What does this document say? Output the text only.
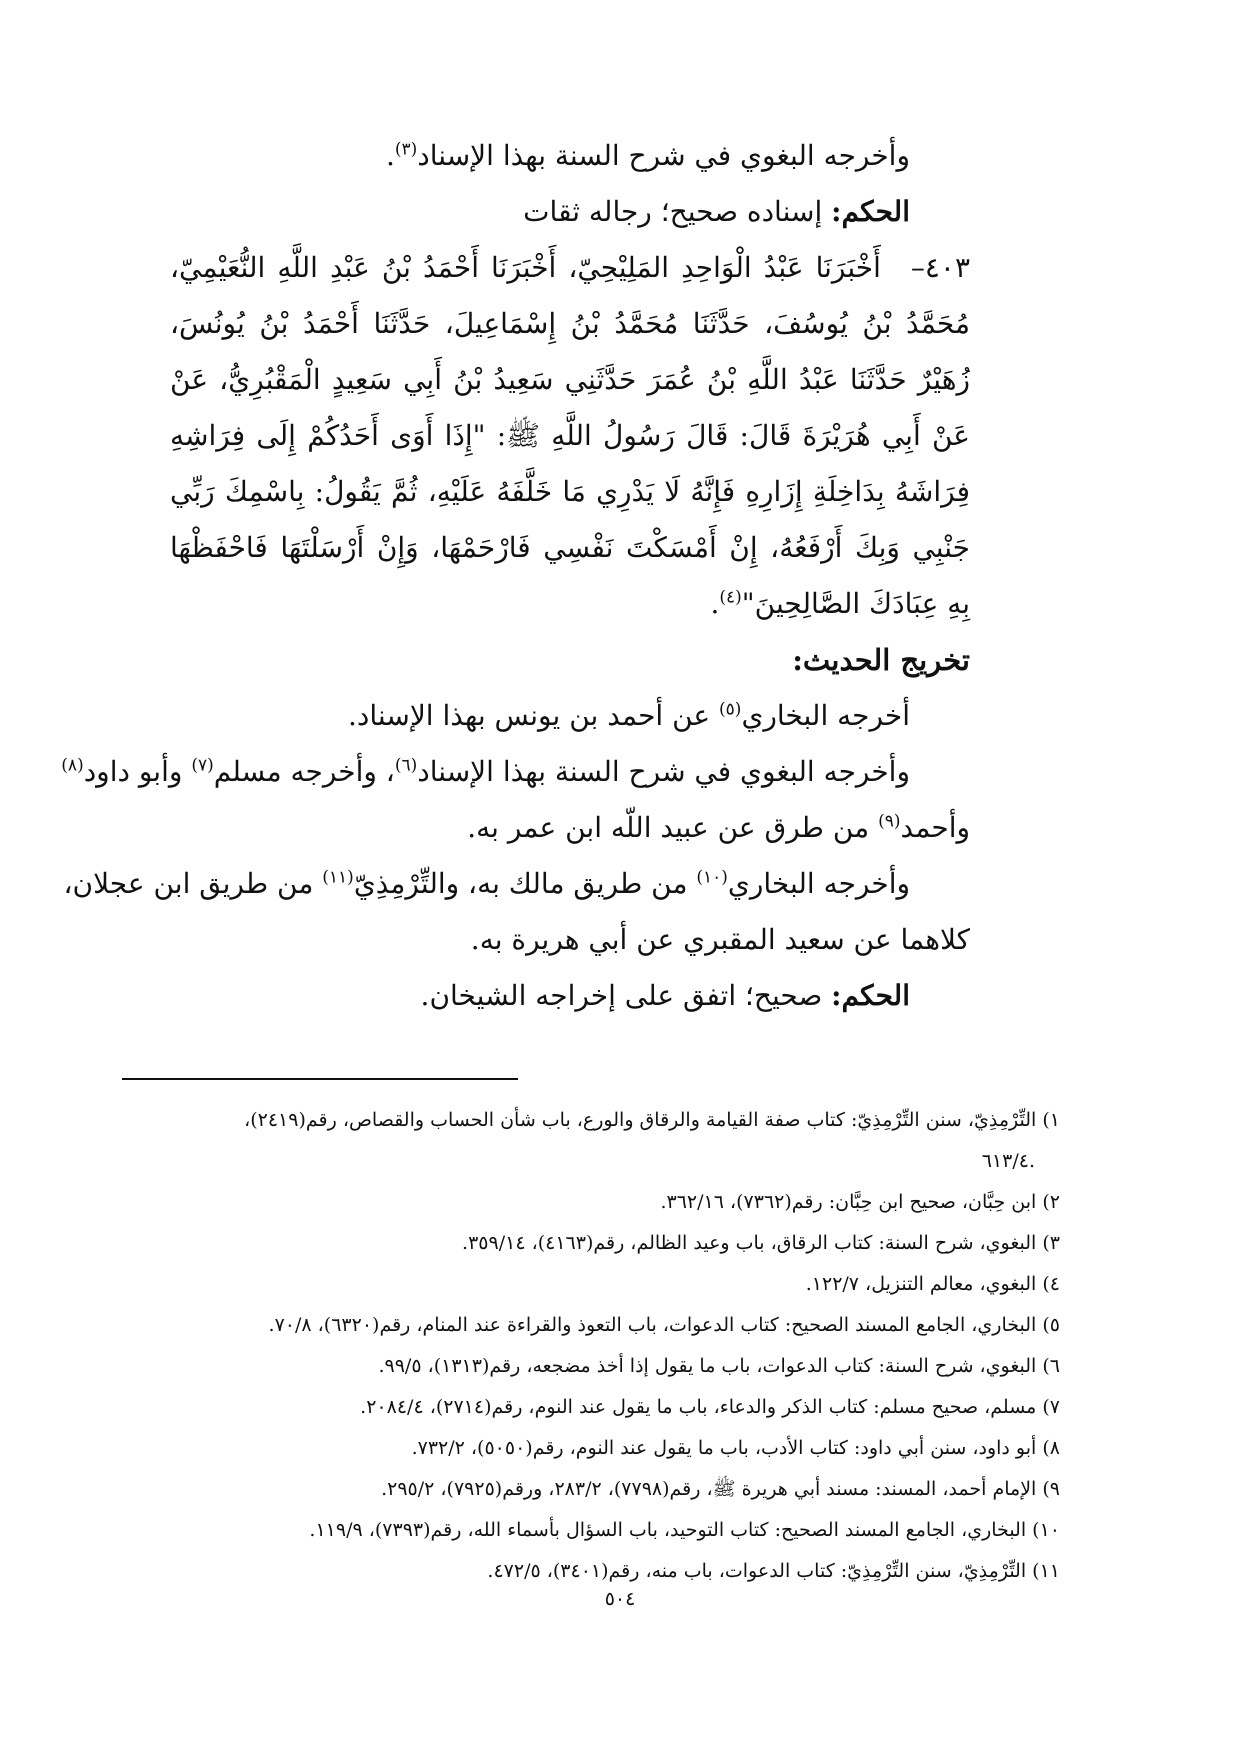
وأخرجه البغوي في شرح السنة بهذا الإسناد$^{(٣)}$.
الحكم: إسناده صحيح؛ رجاله ثقات
٤٠٣–أَخْبَرَنَا عَبْدُ الْوَاحِدِ المَلِيْحِيّ، أَخْبَرَنَا أَحْمَدُ بْنُ عَبْدِ اللَّهِ النُّعَيْمِيّ،
مُحَمَّدُ بْنُ يُوسُفَ، حَدَّثَنَا مُحَمَّدُ بْنُ إِسْمَاعِيلَ، حَدَّثَنَا أَحْمَدُ بْنُ يُونُسَ،
زُهَيْرٌ حَدَّثَنَا عَبْدُ اللَّهِ بْنُ عُمَرَ حَدَّثَنِي سَعِيدُ بْنُ أَبِي سَعِيدٍ الْمَقْبُرِيُّ، عَنْ
عَنْ أَبِي هُرَيْرَةَ قَالَ: قَالَ رَسُولُ اللَّهِ ﷺ: "إِذَا أَوَى أَحَدُكُمْ إِلَى فِرَاشِهِ
فِرَاشَهُ بِدَاخِلَةِ إِزَارِهِ فَإِنَّهُ لَا يَدْرِي مَا خَلَّفَهُ عَلَيْهِ، ثُمَّ يَقُولُ: بِاسْمِكَ رَبِّي
جَنْبِي وَبِكَ أَرْفَعُهُ، إِنْ أَمْسَكْتَ نَفْسِي فَارْحَمْهَا، وَإِنْ أَرْسَلْتَهَا فَاحْفَظْهَا
بِهِ عِبَادَكَ الصَّالِحِينَ"$^{(٤)}$.
تخريج الحديث:
أخرجه البخاري$^{(٥)}$ عن أحمد بن يونس بهذا الإسناد.
وأخرجه البغوي في شرح السنة بهذا الإسناد$^{(٦)}$، وأخرجه مسلم$^{(٧)}$ وأبو داود$^{(٨)}$
وأحمد$^{(٩)}$ من طرق عن عبيد اللّه ابن عمر به.
وأخرجه البخاري$^{(١٠)}$ من طريق مالك به، والتِّرْمِذِيّ$^{(١١)}$ من طريق ابن عجلان،
كلاهما عن سعيد المقبري عن أبي هريرة به.
الحكم: صحيح؛ اتفق على إخراجه الشيخان.
١) التِّرْمِذِيّ، سنن التِّرْمِذِيّ: كتاب صفة القيامة والرقاق والورع، باب شأن الحساب والقصاص، رقم(٢٤١٩)،
.٦١٣/٤
٢) ابن حِبَّان، صحيح ابن حِبَّان: رقم(٧٣٦٢)، ٣٦٢/١٦.
٣) البغوي، شرح السنة: كتاب الرقاق، باب وعيد الظالم، رقم(٤١٦٣)، ٣٥٩/١٤.
٤) البغوي، معالم التنزيل، ١٢٢/٧.
٥) البخاري، الجامع المسند الصحيح: كتاب الدعوات، باب التعوذ والقراءة عند المنام، رقم(٦٣٢٠)، ٧٠/٨.
٦) البغوي، شرح السنة: كتاب الدعوات، باب ما يقول إذا أخذ مضجعه، رقم(١٣١٣)، ٩٩/٥.
٧) مسلم، صحيح مسلم: كتاب الذكر والدعاء، باب ما يقول عند النوم، رقم(٢٧١٤)، ٢٠٨٤/٤.
٨) أبو داود، سنن أبي داود: كتاب الأدب، باب ما يقول عند النوم، رقم(٥٠٥٠)، ٧٣٢/٢.
٩) الإمام أحمد، المسند: مسند أبي هريرة ﷺ، رقم(٧٧٩٨)، ٢٨٣/٢، ورقم(٧٩٢٥)، ٢٩٥/٢.
١٠) البخاري، الجامع المسند الصحيح: كتاب التوحيد، باب السؤال بأسماء الله، رقم(٧٣٩٣)، ١١٩/٩.
١١) التِّرْمِذِيّ، سنن التِّرْمِذِيّ: كتاب الدعوات، باب منه، رقم(٣٤٠١)، ٤٧٢/٥.
٥٠٤
